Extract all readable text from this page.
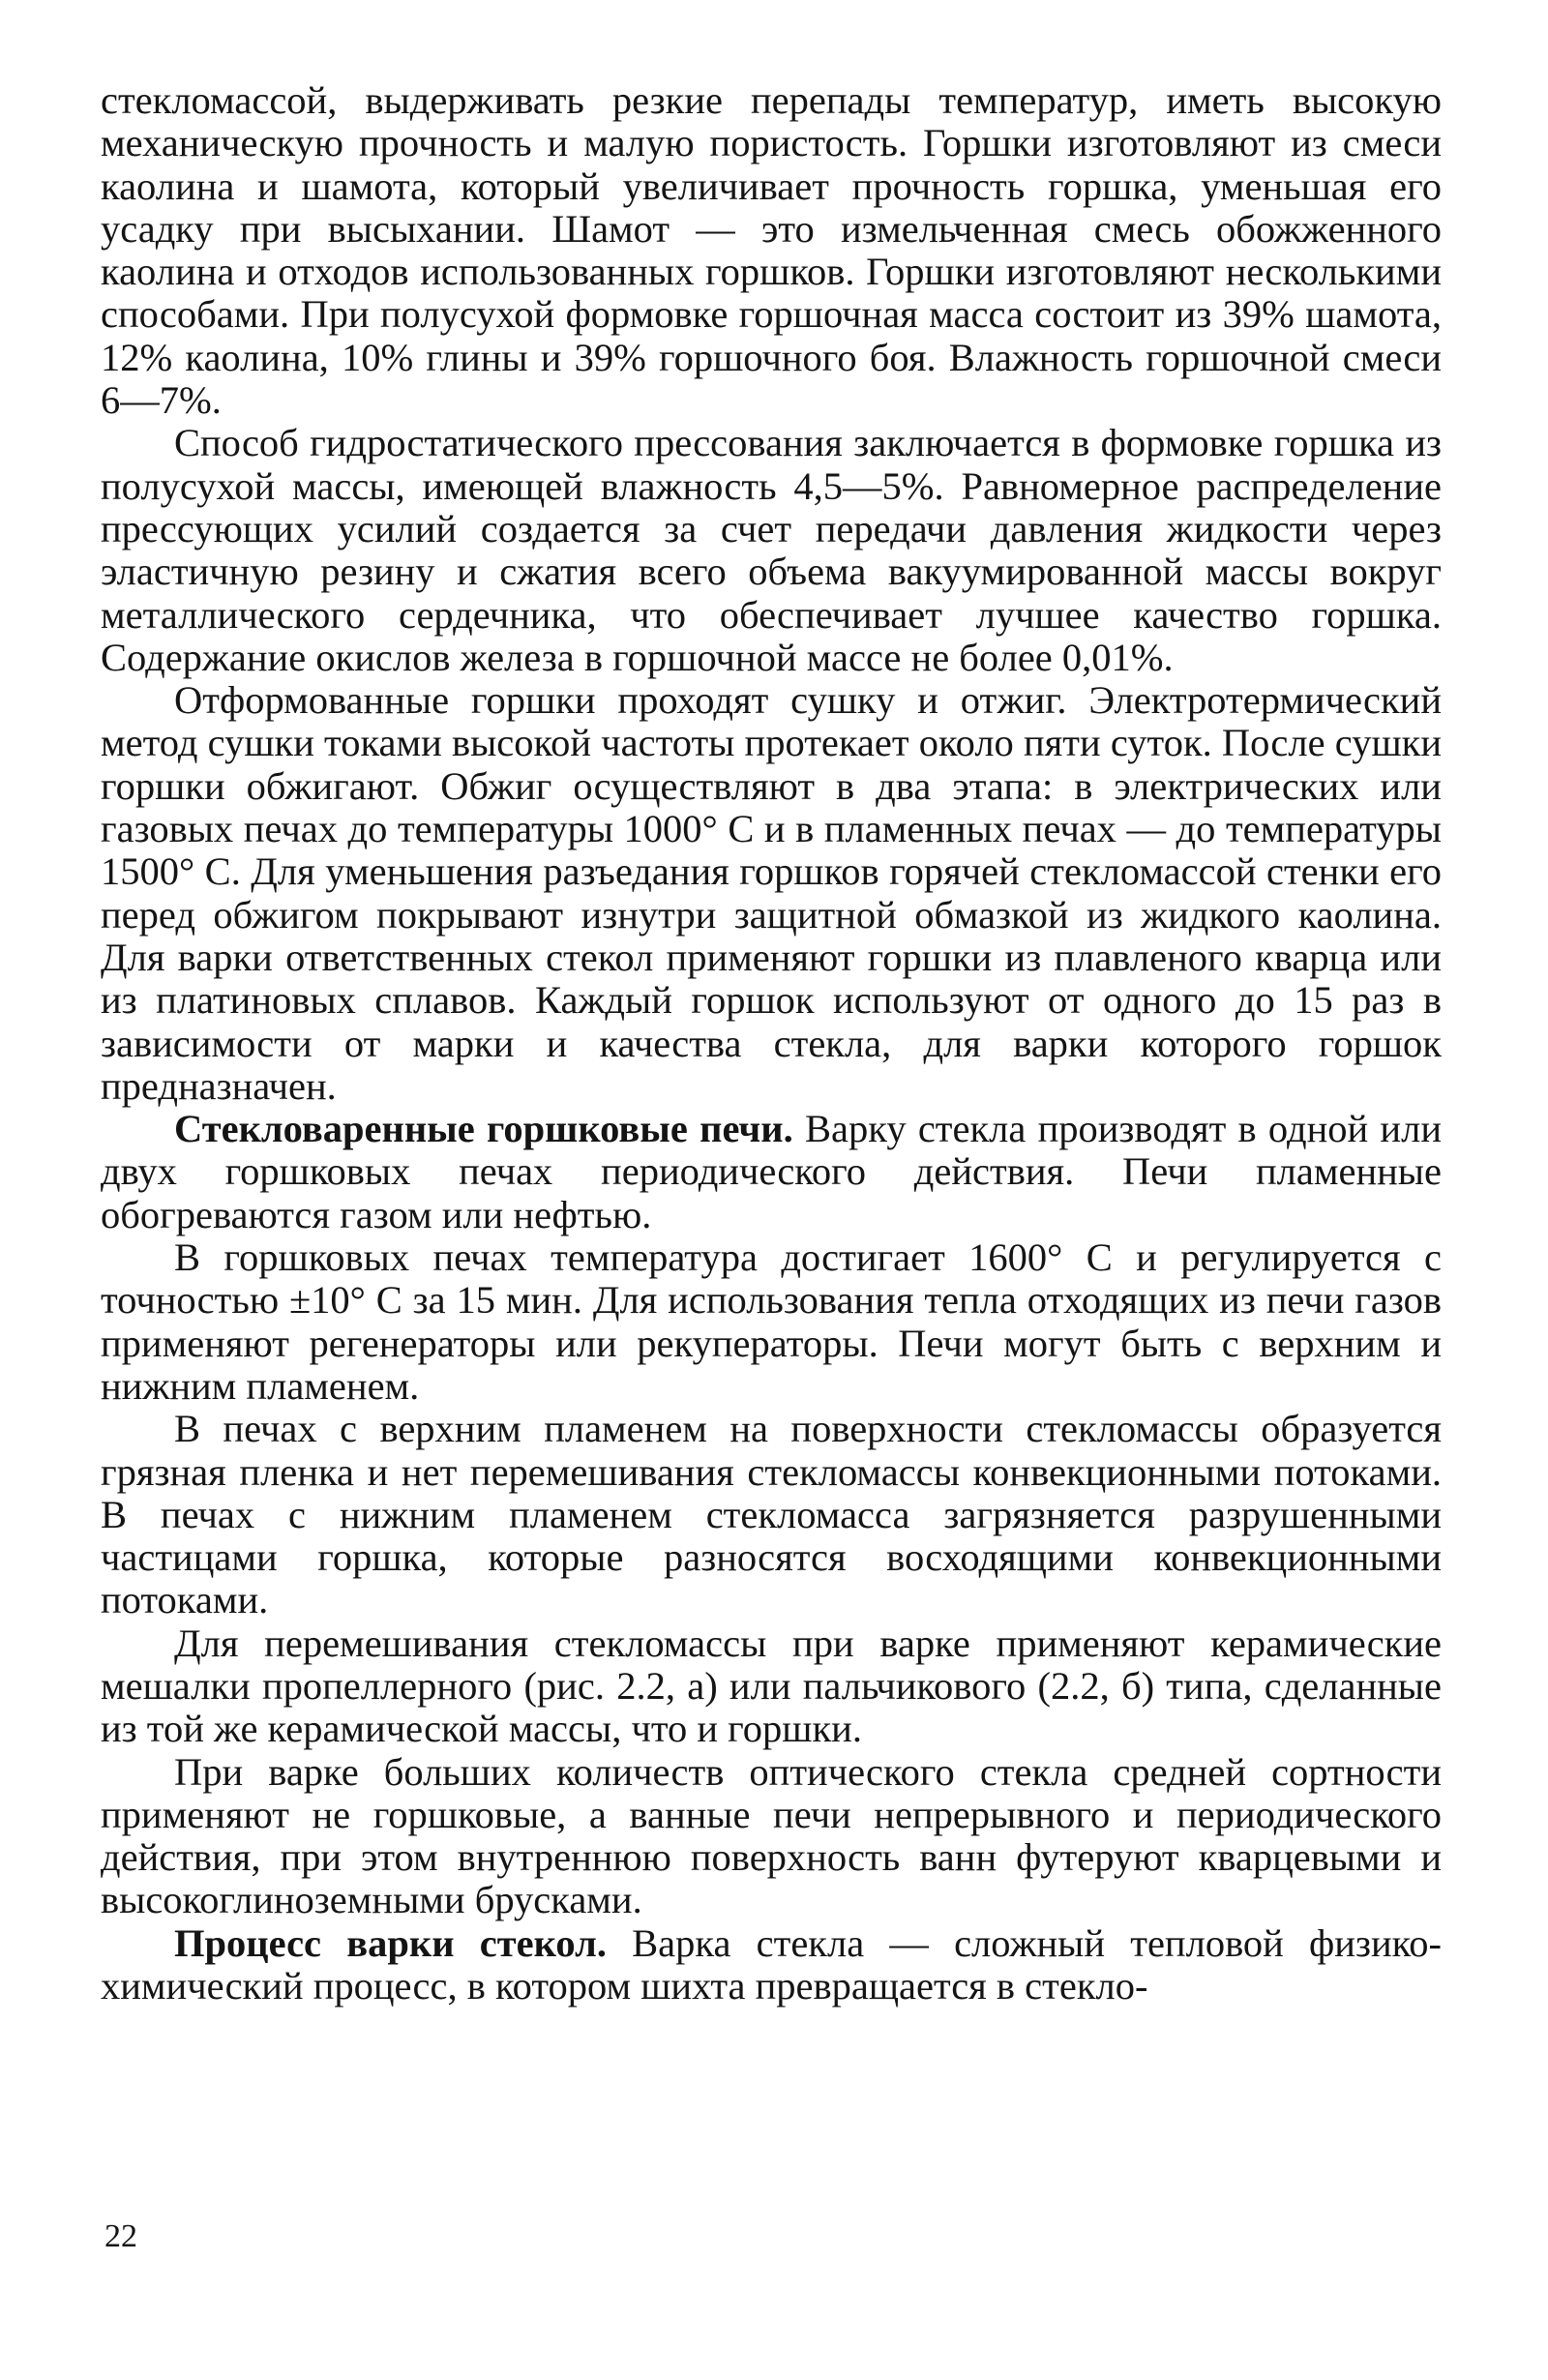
стекломассой, выдерживать резкие перепады температур, иметь высокую механическую прочность и малую пористость. Горшки изготовляют из смеси каолина и шамота, который увеличивает прочность горшка, уменьшая его усадку при высыхании. Шамот — это измельченная смесь обожженного каолина и отходов использованных горшков. Горшки изготовляют несколькими способами. При полусухой формовке горшочная масса состоит из 39% шамота, 12% каолина, 10% глины и 39% горшочного боя. Влажность горшочной смеси 6—7%.

Способ гидростатического прессования заключается в формовке горшка из полусухой массы, имеющей влажность 4,5—5%. Равномерное распределение прессующих усилий создается за счет передачи давления жидкости через эластичную резину и сжатия всего объема вакуумированной массы вокруг металлического сердечника, что обеспечивает лучшее качество горшка. Содержание окислов железа в горшочной массе не более 0,01%.

Отформованные горшки проходят сушку и отжиг. Электротермический метод сушки токами высокой частоты протекает около пяти суток. После сушки горшки обжигают. Обжиг осуществляют в два этапа: в электрических или газовых печах до температуры 1000° С и в пламенных печах — до температуры 1500° С. Для уменьшения разъедания горшков горячей стекломассой стенки его перед обжигом покрывают изнутри защитной обмазкой из жидкого каолина. Для варки ответственных стекол применяют горшки из плавленого кварца или из платиновых сплавов. Каждый горшок используют от одного до 15 раз в зависимости от марки и качества стекла, для варки которого горшок предназначен.

Стекловаренные горшковые печи. Варку стекла производят в одной или двух горшковых печах периодического действия. Печи пламенные обогреваются газом или нефтью.

В горшковых печах температура достигает 1600° С и регулируется с точностью ±10° С за 15 мин. Для использования тепла отходящих из печи газов применяют регенераторы или рекуператоры. Печи могут быть с верхним и нижним пламенем.

В печах с верхним пламенем на поверхности стекломассы образуется грязная пленка и нет перемешивания стекломассы конвекционными потоками. В печах с нижним пламенем стекломасса загрязняется разрушенными частицами горшка, которые разносятся восходящими конвекционными потоками.

Для перемешивания стекломассы при варке применяют керамические мешалки пропеллерного (рис. 2.2, а) или пальчикового (2.2, б) типа, сделанные из той же керамической массы, что и горшки.

При варке больших количеств оптического стекла средней сортности применяют не горшковые, а ванные печи непрерывного и периодического действия, при этом внутреннюю поверхность ванн футеруют кварцевыми и высокоглиноземными брусками.

Процесс варки стекол. Варка стекла — сложный тепловой физико-химический процесс, в котором шихта превращается в стекло-

22
